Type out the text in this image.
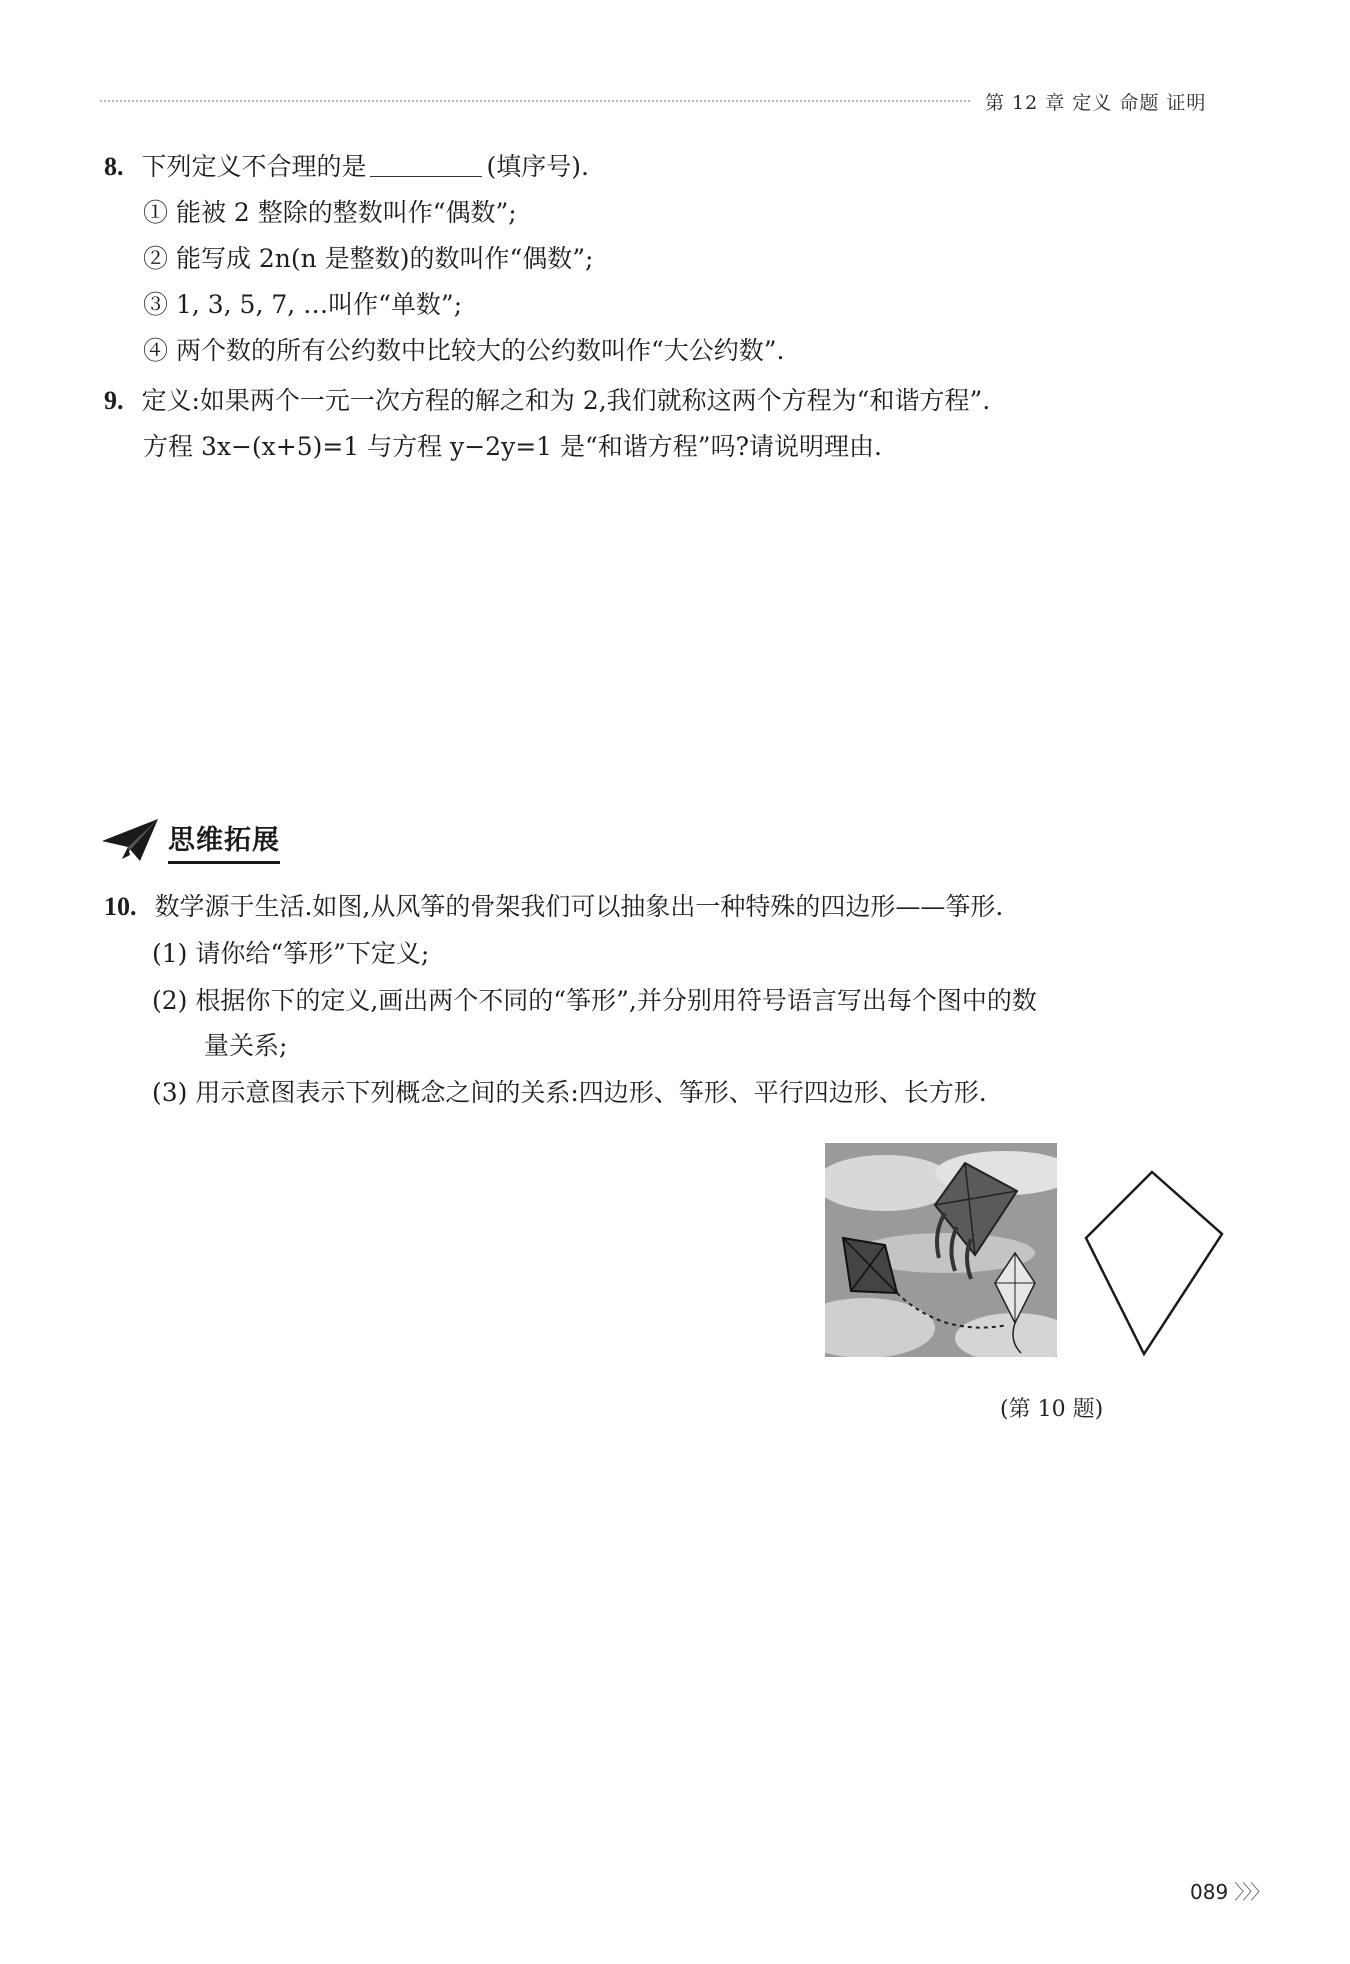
第 12 章 定义 命题 证明
8. 下列定义不合理的是	(填序号).
① 能被 2 整除的整数叫作“偶数”;
② 能写成 2n(n 是整数)的数叫作“偶数”;
③ 1, 3, 5, 7, …叫作“单数”;
④ 两个数的所有公约数中比较大的公约数叫作“大公约数”.
9. 定义:如果两个一元一次方程的解之和为 2,我们就称这两个方程为“和谐方程”.
方程 3x−(x+5)=1 与方程 y−2y=1 是“和谐方程”吗?请说明理由.
思维拓展
10. 数学源于生活.如图,从风筝的骨架我们可以抽象出一种特殊的四边形——筝形.
(1) 请你给“筝形”下定义;
(2) 根据你下的定义,画出两个不同的“筝形”,并分别用符号语言写出每个图中的数
量关系;
(3) 用示意图表示下列概念之间的关系:四边形、筝形、平行四边形、长方形.
(第 10 题)
089 〉〉〉
